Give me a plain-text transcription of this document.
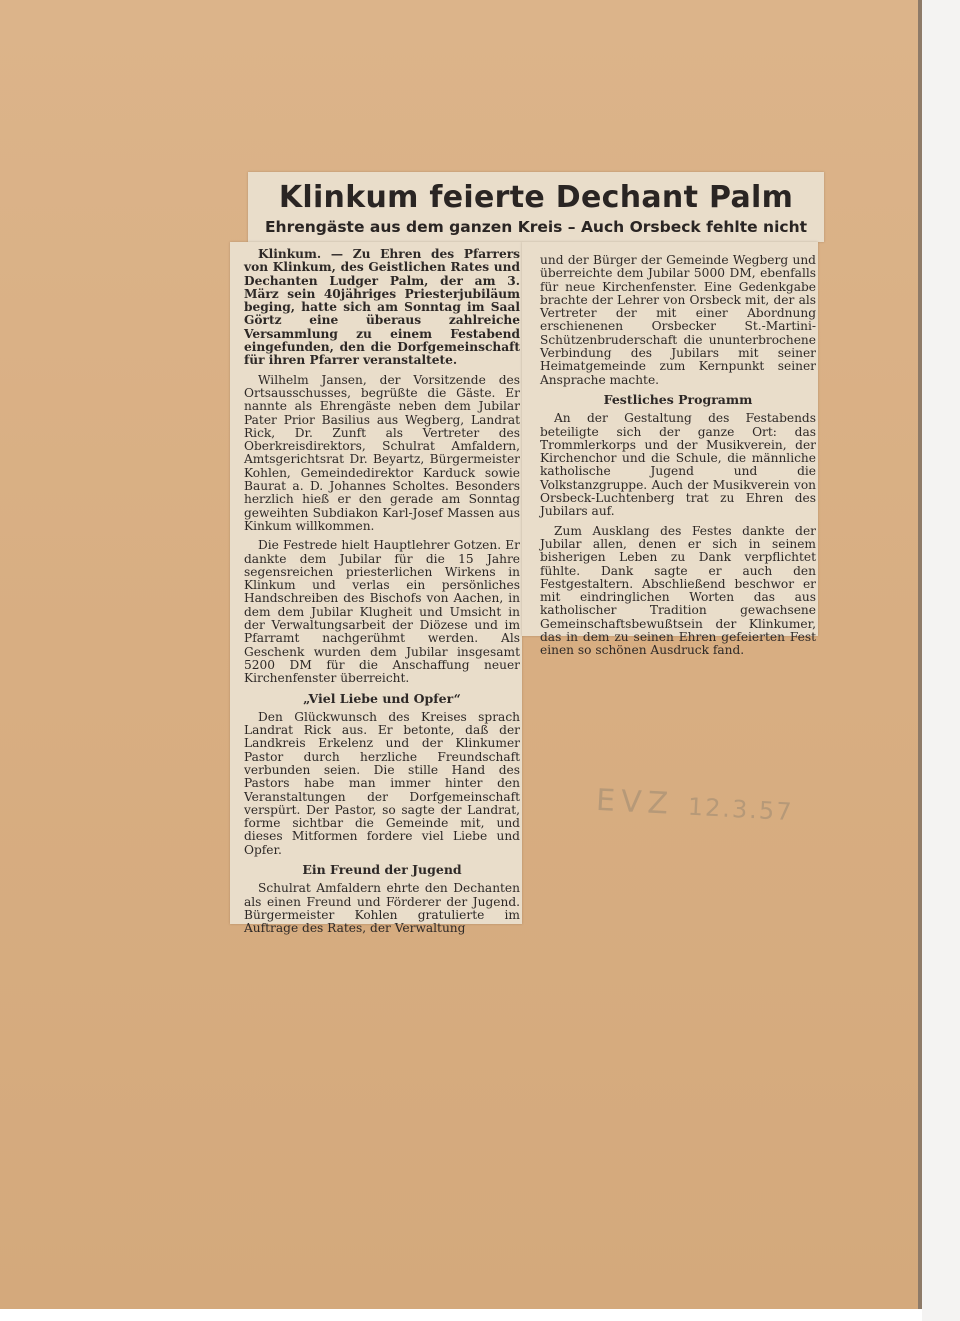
Klinkum feierte Dechant Palm
Ehrengäste aus dem ganzen Kreis – Auch Orsbeck fehlte nicht

Klinkum. — Zu Ehren des Pfarrers von Klinkum, des Geistlichen Rates und Dechanten Ludger Palm, der am 3. März sein 40jähriges Priesterjubiläum beging, hatte sich am Sonntag im Saal Görtz eine überaus zahlreiche Versammlung zu einem Festabend eingefunden, den die Dorfgemeinschaft für ihren Pfarrer veranstaltete.

Wilhelm Jansen, der Vorsitzende des Ortsausschusses, begrüßte die Gäste. Er nannte als Ehrengäste neben dem Jubilar Pater Prior Basilius aus Wegberg, Landrat Rick, Dr. Zunft als Vertreter des Oberkreisdirektors, Schulrat Amfaldern, Amtsgerichtsrat Dr. Beyartz, Bürgermeister Kohlen, Gemeindedirektor Karduck sowie Baurat a. D. Johannes Scholtes. Besonders herzlich hieß er den gerade am Sonntag geweihten Subdiakon Karl-Josef Massen aus Kinkum willkommen.

Die Festrede hielt Hauptlehrer Gotzen. Er dankte dem Jubilar für die 15 Jahre segensreichen priesterlichen Wirkens in Klinkum und verlas ein persönliches Handschreiben des Bischofs von Aachen, in dem dem Jubilar Klugheit und Umsicht in der Verwaltungsarbeit der Diözese und im Pfarramt nachgerühmt werden. Als Geschenk wurden dem Jubilar insgesamt 5200 DM für die Anschaffung neuer Kirchenfenster überreicht.

„Viel Liebe und Opfer“

Den Glückwunsch des Kreises sprach Landrat Rick aus. Er betonte, daß der Landkreis Erkelenz und der Klinkumer Pastor durch herzliche Freundschaft verbunden seien. Die stille Hand des Pastors habe man immer hinter den Veranstaltungen der Dorfgemeinschaft verspürt. Der Pastor, so sagte der Landrat, forme sichtbar die Gemeinde mit, und dieses Mitformen fordere viel Liebe und Opfer.

Ein Freund der Jugend

Schulrat Amfaldern ehrte den Dechanten als einen Freund und Förderer der Jugend. Bürgermeister Kohlen gratulierte im Auftrage des Rates, der Verwaltung

und der Bürger der Gemeinde Wegberg und überreichte dem Jubilar 5000 DM, ebenfalls für neue Kirchenfenster. Eine Gedenkgabe brachte der Lehrer von Orsbeck mit, der als Vertreter der mit einer Abordnung erschienenen Orsbecker St.-Martini-Schützenbruderschaft die ununterbrochene Verbindung des Jubilars mit seiner Heimatgemeinde zum Kernpunkt seiner Ansprache machte.

Festliches Programm

An der Gestaltung des Festabends beteiligte sich der ganze Ort: das Trommlerkorps und der Musikverein, der Kirchenchor und die Schule, die männliche katholische Jugend und die Volkstanzgruppe. Auch der Musikverein von Orsbeck-Luchtenberg trat zu Ehren des Jubilars auf.

Zum Ausklang des Festes dankte der Jubilar allen, denen er sich in seinem bisherigen Leben zu Dank verpflichtet fühlte. Dank sagte er auch den Festgestaltern. Abschließend beschwor er mit eindringlichen Worten das aus katholischer Tradition gewachsene Gemeinschaftsbewußtsein der Klinkumer, das in dem zu seinen Ehren gefeierten Fest einen so schönen Ausdruck fand.

EVZ 12.3.57
